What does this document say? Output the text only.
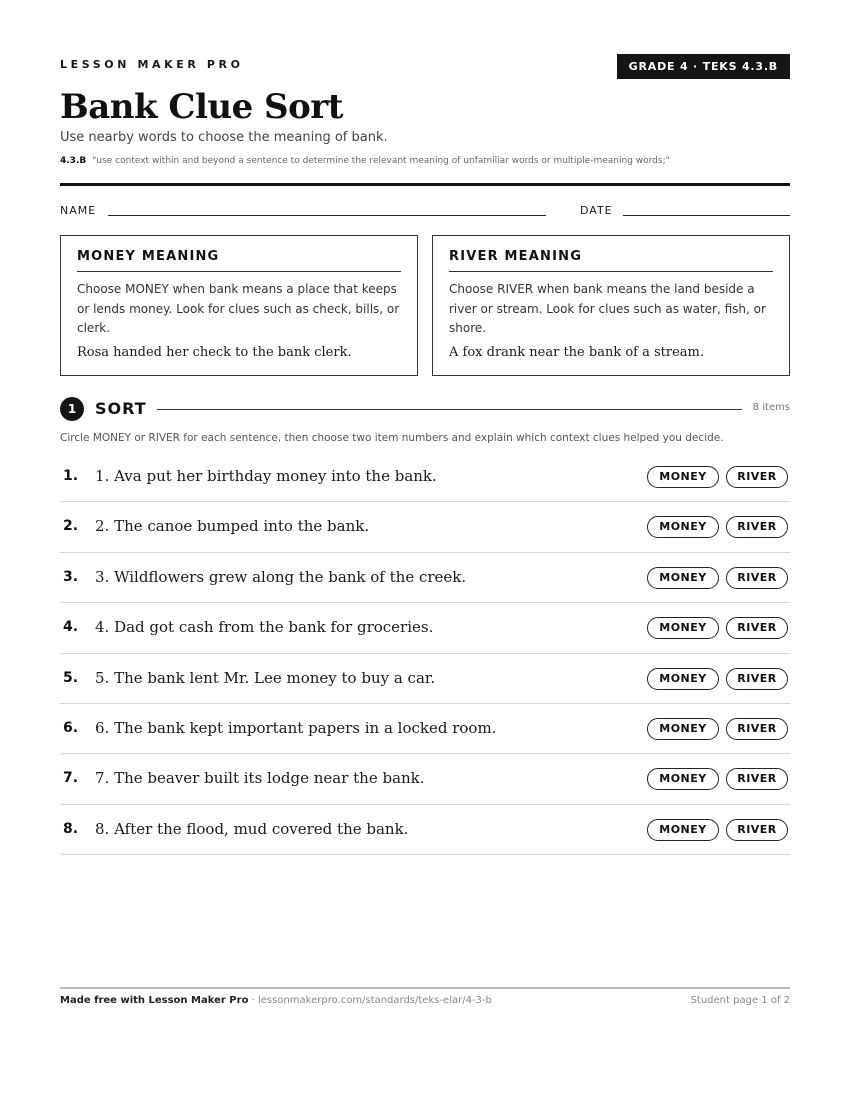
LESSON MAKER PRO	GRADE 4 · TEKS 4.3.B
Bank Clue Sort
Use nearby words to choose the meaning of bank.
4.3.B "use context within and beyond a sentence to determine the relevant meaning of unfamiliar words or multiple-meaning words;"
NAME	DATE
MONEY MEANING
Choose MONEY when bank means a place that keeps or lends money. Look for clues such as check, bills, or clerk.
Rosa handed her check to the bank clerk.
RIVER MEANING
Choose RIVER when bank means the land beside a river or stream. Look for clues such as water, fish, or shore.
A fox drank near the bank of a stream.
1	SORT	8 items
Circle MONEY or RIVER for each sentence, then choose two item numbers and explain which context clues helped you decide.
1. 1. Ava put her birthday money into the bank.	MONEY	RIVER
2. 2. The canoe bumped into the bank.	MONEY	RIVER
3. 3. Wildflowers grew along the bank of the creek.	MONEY	RIVER
4. 4. Dad got cash from the bank for groceries.	MONEY	RIVER
5. 5. The bank lent Mr. Lee money to buy a car.	MONEY	RIVER
6. 6. The bank kept important papers in a locked room.	MONEY	RIVER
7. 7. The beaver built its lodge near the bank.	MONEY	RIVER
8. 8. After the flood, mud covered the bank.	MONEY	RIVER
Made free with Lesson Maker Pro · lessonmakerpro.com/standards/teks-elar/4-3-b	Student page 1 of 2
